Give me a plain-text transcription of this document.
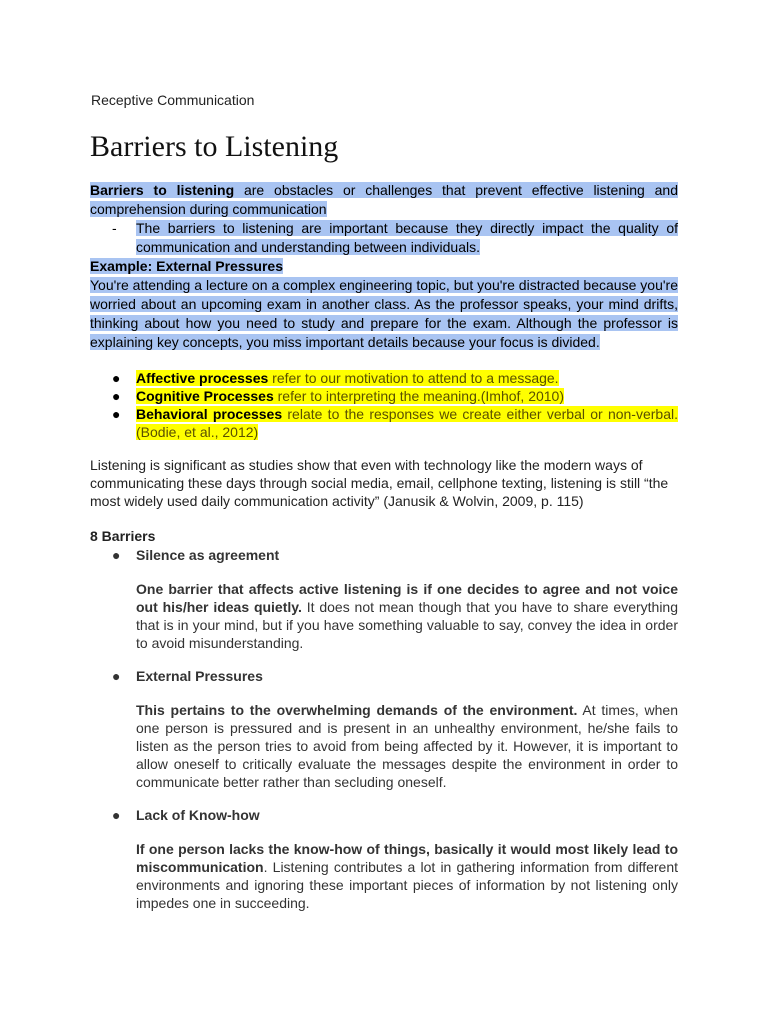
Receptive Communication
Barriers to Listening
Barriers to listening are obstacles or challenges that prevent effective listening and comprehension during communication
-	The barriers to listening are important because they directly impact the quality of communication and understanding between individuals.
Example: External Pressures
You're attending a lecture on a complex engineering topic, but you're distracted because you're worried about an upcoming exam in another class. As the professor speaks, your mind drifts, thinking about how you need to study and prepare for the exam. Although the professor is explaining key concepts, you miss important details because your focus is divided.
●	Affective processes refer to our motivation to attend to a message.
●	Cognitive Processes refer to interpreting the meaning.(Imhof, 2010)
●	Behavioral processes relate to the responses we create either verbal or non-verbal. (Bodie, et al., 2012)
Listening is significant as studies show that even with technology like the modern ways of communicating these days through social media, email, cellphone texting, listening is still “the most widely used daily communication activity” (Janusik & Wolvin, 2009, p. 115)
8 Barriers
●	Silence as agreement
One barrier that affects active listening is if one decides to agree and not voice out his/her ideas quietly. It does not mean though that you have to share everything that is in your mind, but if you have something valuable to say, convey the idea in order to avoid misunderstanding.
●	External Pressures
This pertains to the overwhelming demands of the environment. At times, when one person is pressured and is present in an unhealthy environment, he/she fails to listen as the person tries to avoid from being affected by it. However, it is important to allow oneself to critically evaluate the messages despite the environment in order to communicate better rather than secluding oneself.
●	Lack of Know-how
If one person lacks the know-how of things, basically it would most likely lead to miscommunication. Listening contributes a lot in gathering information from different environments and ignoring these important pieces of information by not listening only impedes one in succeeding.
